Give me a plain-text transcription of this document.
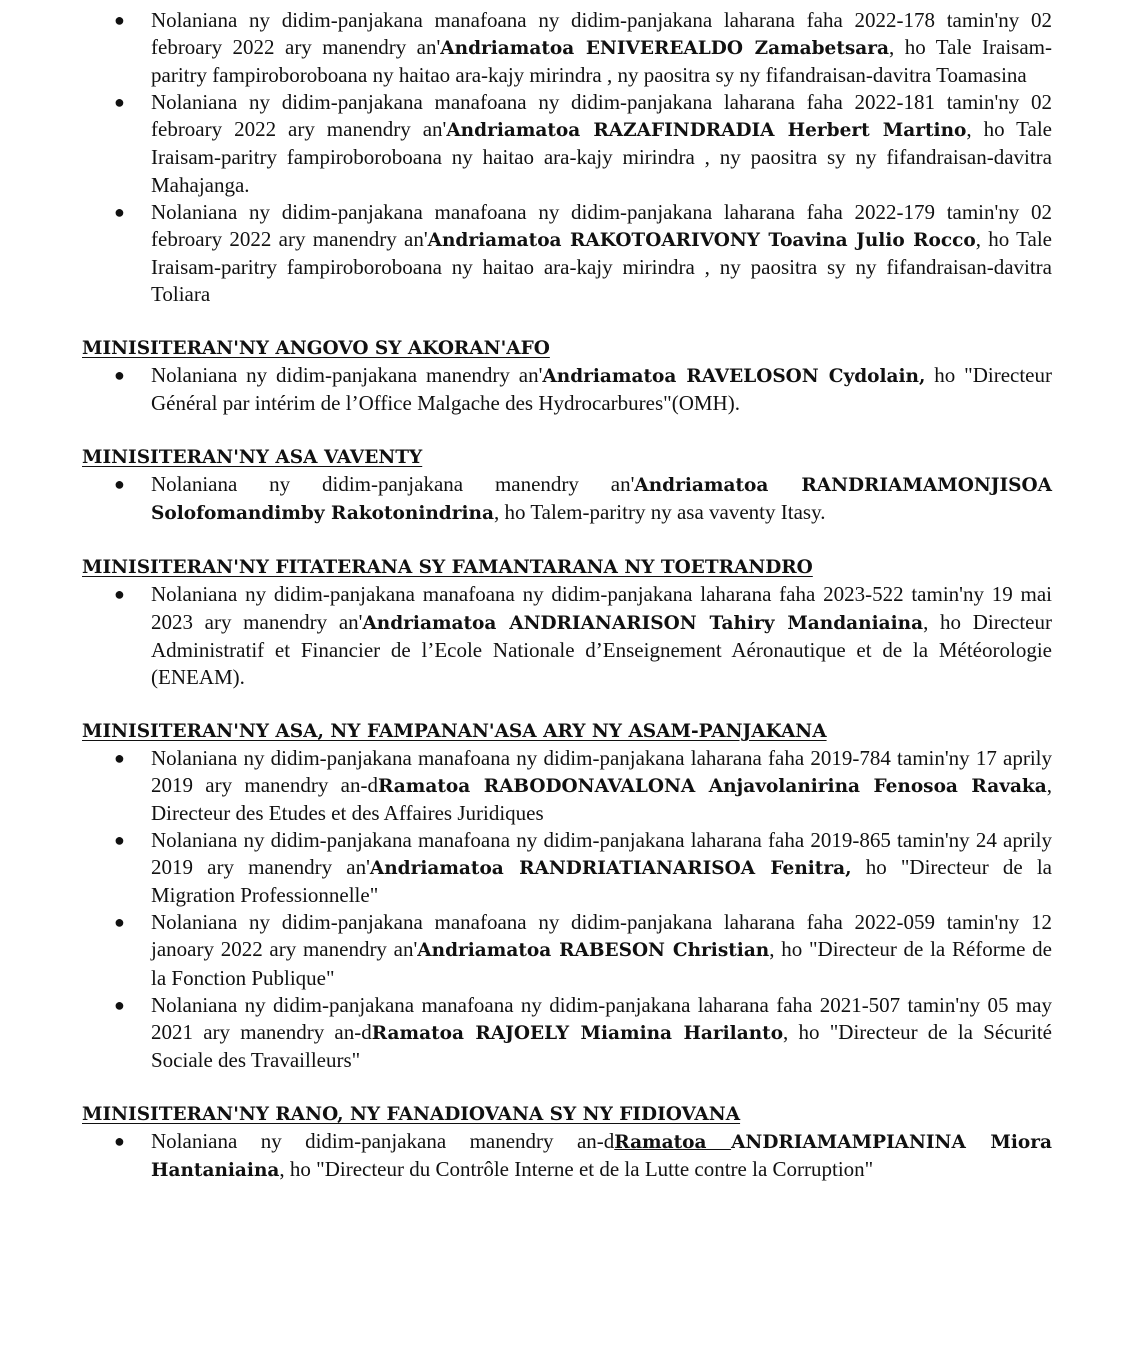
● Nolaniana ny didim-panjakana manafoana ny didim-panjakana laharana faha 2022-178 tamin'ny 02 febroary 2022 ary manendry an'Andriamatoa ENIVEREALDO Zamabetsara, ho Tale Iraisam-paritry fampiroboroboana ny haitao ara-kajy mirindra , ny paositra sy ny fifandraisan-davitra Toamasina
● Nolaniana ny didim-panjakana manafoana ny didim-panjakana laharana faha 2022-181 tamin'ny 02 febroary 2022 ary manendry an'Andriamatoa RAZAFINDRADIA Herbert Martino, ho Tale Iraisam-paritry fampiroboroboana ny haitao ara-kajy mirindra , ny paositra sy ny fifandraisan-davitra Mahajanga.
● Nolaniana ny didim-panjakana manafoana ny didim-panjakana laharana faha 2022-179 tamin'ny 02 febroary 2022 ary manendry an'Andriamatoa RAKOTOARIVONY Toavina Julio Rocco, ho Tale Iraisam-paritry fampiroboroboana ny haitao ara-kajy mirindra , ny paositra sy ny fifandraisan-davitra Toliara
MINISITERAN'NY ANGOVO SY AKORAN'AFO
● Nolaniana ny didim-panjakana manendry an'Andriamatoa RAVELOSON Cydolain, ho "Directeur Général par intérim de l’Office Malgache des Hydrocarbures"(OMH).
MINISITERAN'NY ASA VAVENTY
● Nolaniana ny didim-panjakana manendry an'Andriamatoa RANDRIAMAMONJISOA Solofomandimby Rakotonindrina, ho Talem-paritry ny asa vaventy Itasy.
MINISITERAN'NY FITATERANA SY FAMANTARANA NY TOETRANDRO
● Nolaniana ny didim-panjakana manafoana ny didim-panjakana laharana faha 2023-522 tamin'ny 19 mai 2023 ary manendry an'Andriamatoa ANDRIANARISON Tahiry Mandaniaina, ho Directeur Administratif et Financier de l’Ecole Nationale d’Enseignement Aéronautique et de la Météorologie (ENEAM).
MINISITERAN'NY ASA, NY FAMPANAN'ASA ARY NY ASAM-PANJAKANA
● Nolaniana ny didim-panjakana manafoana ny didim-panjakana laharana faha 2019-784 tamin'ny 17 aprily 2019 ary manendry an-dRamatoa RABODONAVALONA Anjavolanirina Fenosoa Ravaka, Directeur des Etudes et des Affaires Juridiques
● Nolaniana ny didim-panjakana manafoana ny didim-panjakana laharana faha 2019-865 tamin'ny 24 aprily 2019 ary manendry an'Andriamatoa RANDRIATIANARISOA Fenitra, ho "Directeur de la Migration Professionnelle"
● Nolaniana ny didim-panjakana manafoana ny didim-panjakana laharana faha 2022-059 tamin'ny 12 janoary 2022 ary manendry an'Andriamatoa RABESON Christian, ho "Directeur de la Réforme de la Fonction Publique"
● Nolaniana ny didim-panjakana manafoana ny didim-panjakana laharana faha 2021-507 tamin'ny 05 may 2021 ary manendry an-dRamatoa RAJOELY Miamina Harilanto, ho "Directeur de la Sécurité Sociale des Travailleurs"
MINISITERAN'NY RANO, NY FANADIOVANA SY NY FIDIOVANA
● Nolaniana ny didim-panjakana manendry an-dRamatoa ANDRIAMAMPIANINA Miora Hantaniaina, ho "Directeur du Contrôle Interne et de la Lutte contre la Corruption"
